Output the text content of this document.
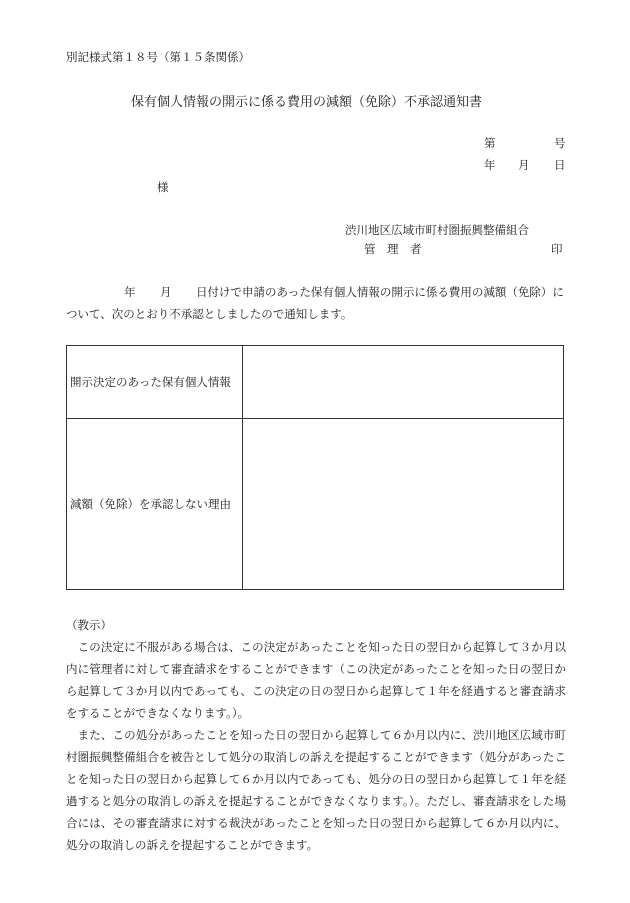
別記様式第１８号（第１５条関係）
保有個人情報の開示に係る費用の減額（免除）不承認通知書
第	号
年 月 日
様
渋川地区広域市町村圏振興整備組合
管　理　者	印
年 月 日付けで申請のあった保有個人情報の開示に係る費用の減額（免除）に
ついて、次のとおり不承認としましたので通知します。
開示決定のあった保有個人情報	
減額（免除）を承認しない理由	

（教示）

　この決定に不服がある場合は、この決定があったことを知った日の翌日から起算して３か月以内に管理者に対して審査請求をすることができます（この決定があったことを知った日の翌日から起算して３か月以内であっても、この決定の日の翌日から起算して１年を経過すると審査請求をすることができなくなります。）。

　また、この処分があったことを知った日の翌日から起算して６か月以内に、渋川地区広域市町村圏振興整備組合を被告として処分の取消しの訴えを提起することができます（処分があったことを知った日の翌日から起算して６か月以内であっても、処分の日の翌日から起算して１年を経過すると処分の取消しの訴えを提起することができなくなります。）。ただし、審査請求をした場合には、その審査請求に対する裁決があったことを知った日の翌日から起算して６か月以内に、処分の取消しの訴えを提起することができます。
